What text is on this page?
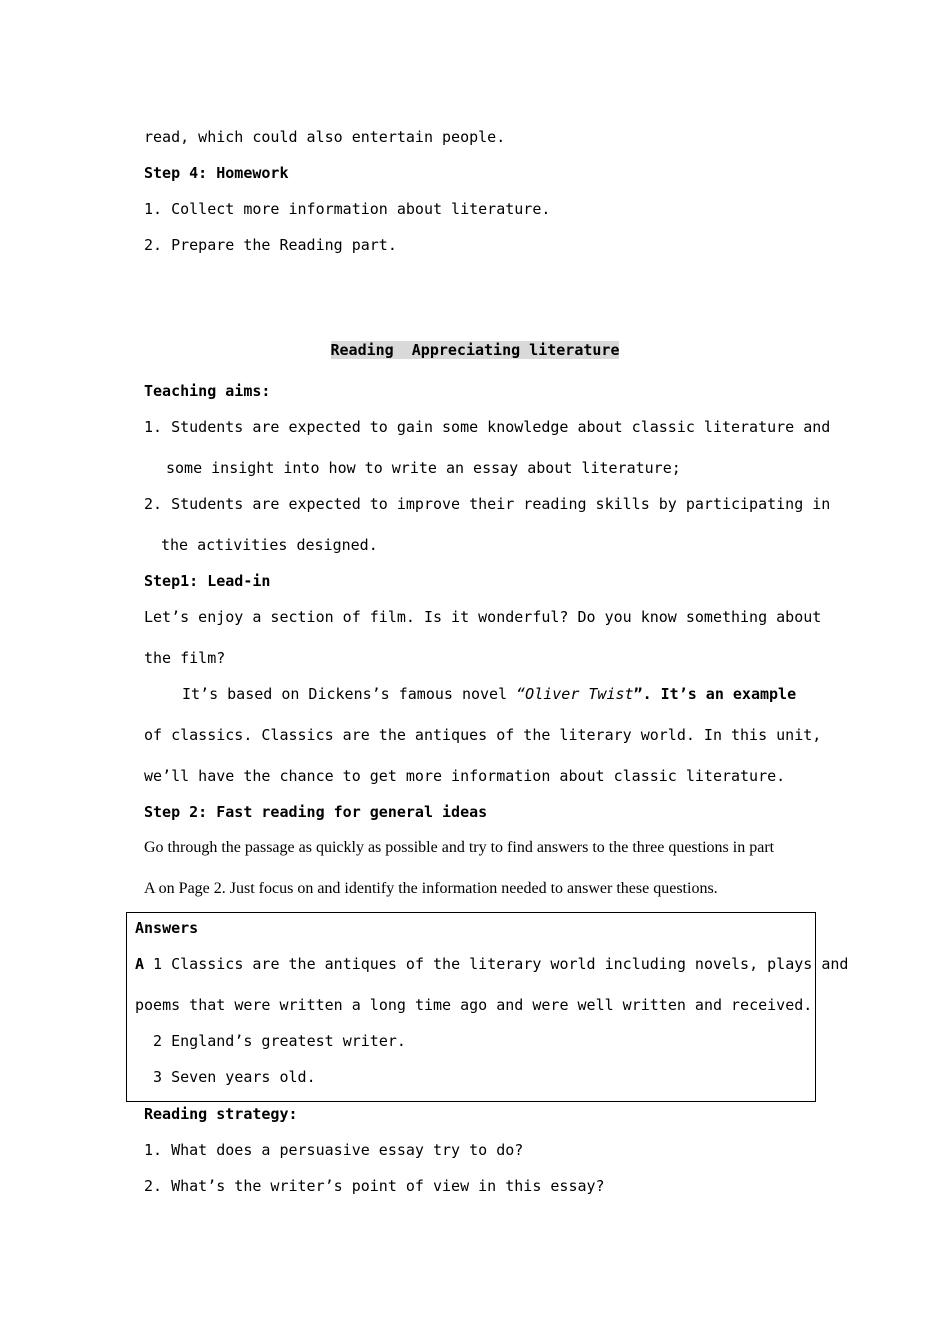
read, which could also entertain people.
Step 4: Homework
1. Collect more information about literature.
2. Prepare the Reading part.
Reading  Appreciating literature
Teaching aims:
1. Students are expected to gain some knowledge about classic literature and
some insight into how to write an essay about literature;
2. Students are expected to improve their reading skills by participating in
the activities designed.
Step1: Lead-in
Let’s enjoy a section of film. Is it wonderful? Do you know something about
the film?
It’s based on Dickens’s famous novel “Oliver Twist”. It’s an example
of classics. Classics are the antiques of the literary world. In this unit,
we’ll have the chance to get more information about classic literature.
Step 2: Fast reading for general ideas
Go through the passage as quickly as possible and try to find answers to the three questions in part
A on Page 2. Just focus on and identify the information needed to answer these questions.
Answers
A 1 Classics are the antiques of the literary world including novels, plays and
poems that were written a long time ago and were well written and received.
2 England’s greatest writer.
3 Seven years old.
Reading strategy:
1. What does a persuasive essay try to do?
2. What’s the writer’s point of view in this essay?
